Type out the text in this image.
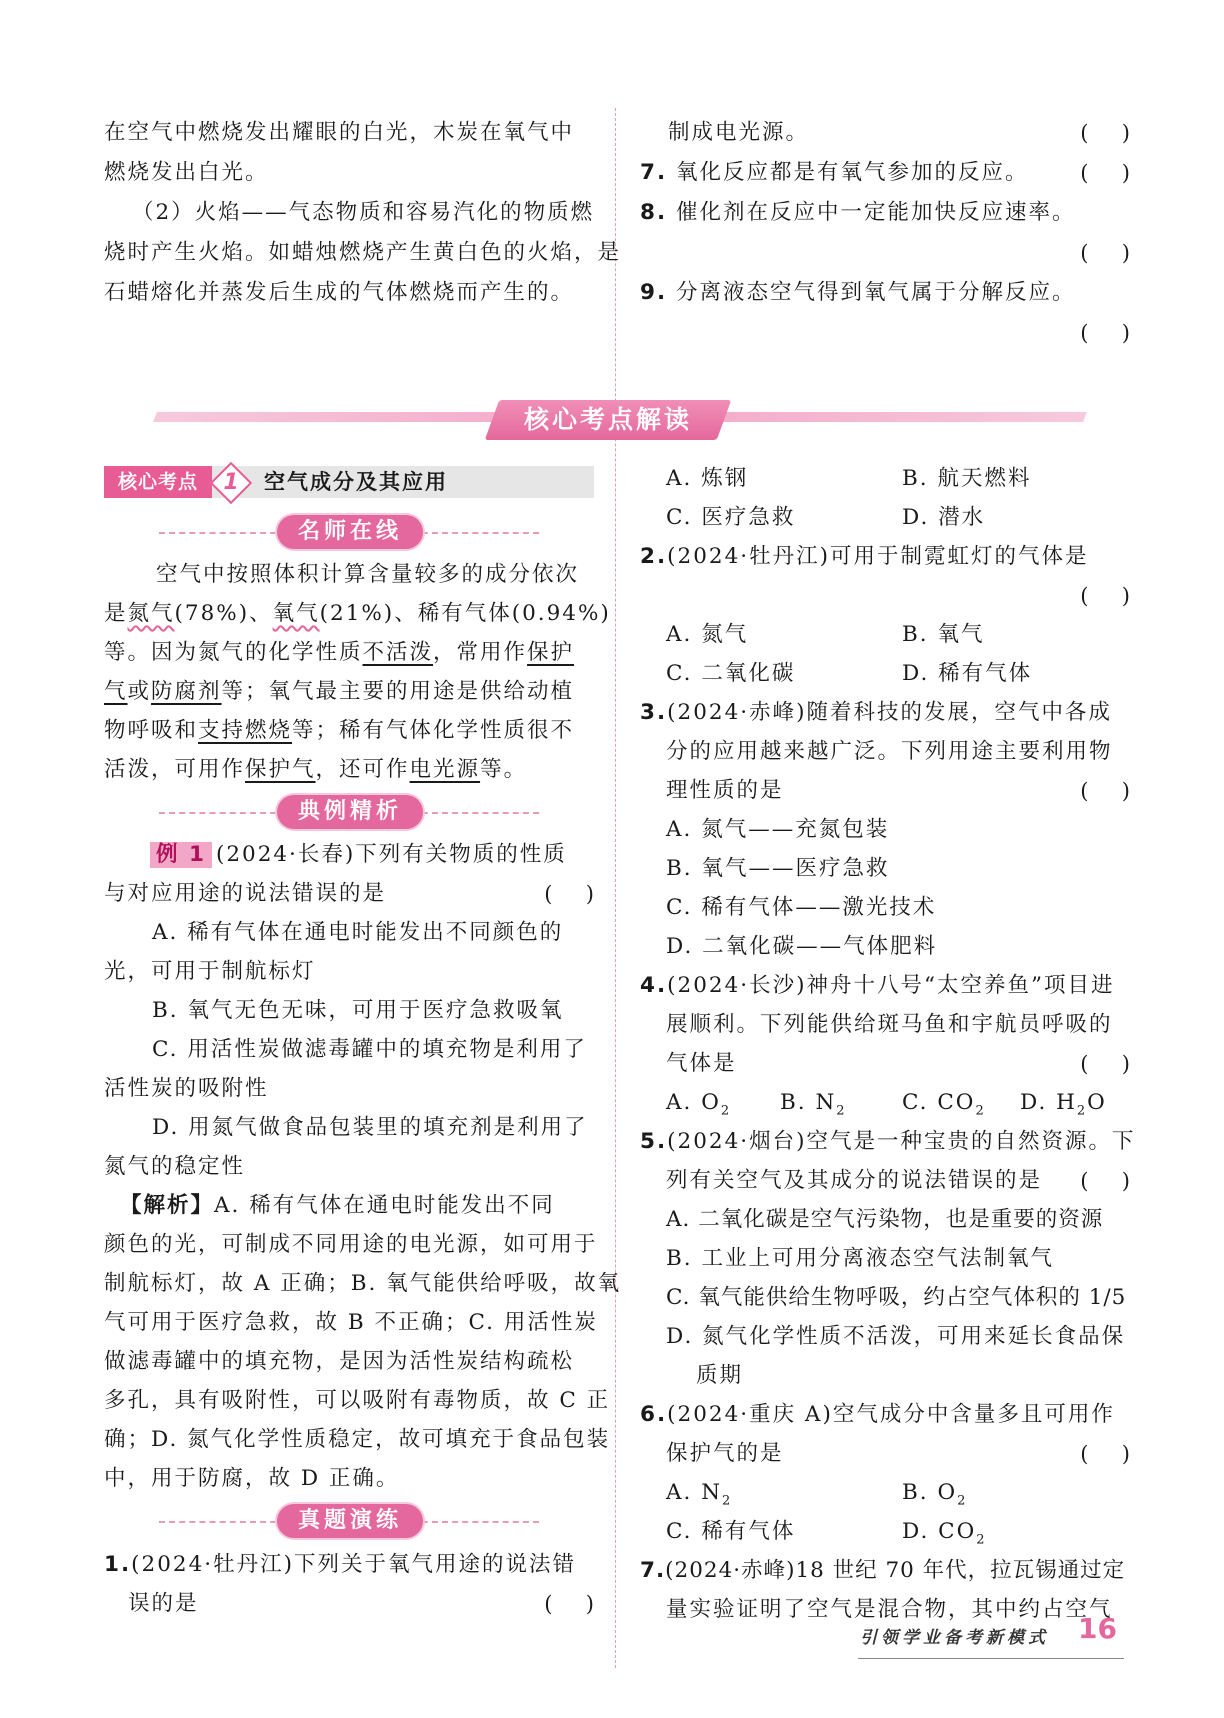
在空气中燃烧发出耀眼的白光，木炭在氧气中
燃烧发出白光。
（2）火焰——气态物质和容易汽化的物质燃
烧时产生火焰。如蜡烛燃烧产生黄白色的火焰，是
石蜡熔化并蒸发后生成的气体燃烧而产生的。
核心考点	1	空气成分及其应用
名师在线
空气中按照体积计算含量较多的成分依次
是氮气(78%)、氧气(21%)、稀有气体(0.94%)
等。因为氮气的化学性质不活泼，常用作保护
气或防腐剂等；氧气最主要的用途是供给动植
物呼吸和支持燃烧等；稀有气体化学性质很不
活泼，可用作保护气，还可作电光源等。
典例精析
例 1 (2024·长春)下列有关物质的性质
与对应用途的说法错误的是	(     )
A. 稀有气体在通电时能发出不同颜色的
光，可用于制航标灯
B. 氧气无色无味，可用于医疗急救吸氧
C. 用活性炭做滤毒罐中的填充物是利用了
活性炭的吸附性
D. 用氮气做食品包装里的填充剂是利用了
氮气的稳定性
【解析】A. 稀有气体在通电时能发出不同
颜色的光，可制成不同用途的电光源，如可用于
制航标灯，故 A 正确；B. 氧气能供给呼吸，故氧
气可用于医疗急救，故 B 不正确；C. 用活性炭
做滤毒罐中的填充物，是因为活性炭结构疏松
多孔，具有吸附性，可以吸附有毒物质，故 C 正
确；D. 氮气化学性质稳定，故可填充于食品包装
中，用于防腐，故 D 正确。
真题演练
1.(2024·牡丹江)下列关于氧气用途的说法错
误的是	(     )
核心考点解读
制成电光源。	(     )
7. 氧化反应都是有氧气参加的反应。 (     )
8. 催化剂在反应中一定能加快反应速率。
(     )
9. 分离液态空气得到氧气属于分解反应。
(     )
A. 炼钢	B. 航天燃料
C. 医疗急救	D. 潜水
2.(2024·牡丹江)可用于制霓虹灯的气体是
(     )
A. 氮气	B. 氧气
C. 二氧化碳	D. 稀有气体
3.(2024·赤峰)随着科技的发展，空气中各成
分的应用越来越广泛。下列用途主要利用物
理性质的是	(     )
A. 氮气——充氮包装
B. 氧气——医疗急救
C. 稀有气体——激光技术
D. 二氧化碳——气体肥料
4.(2024·长沙)神舟十八号“太空养鱼”项目进
展顺利。下列能供给斑马鱼和宇航员呼吸的
气体是	(     )
A. $O_2$ B. $N_2$	C. $CO_2$ D. $H_2O$
5.(2024·烟台)空气是一种宝贵的自然资源。下
列有关空气及其成分的说法错误的是 (     )
A. 二氧化碳是空气污染物，也是重要的资源
B. 工业上可用分离液态空气法制氧气
C. 氧气能供给生物呼吸，约占空气体积的 1/5
D. 氮气化学性质不活泼，可用来延长食品保
质期
6.(2024·重庆 A)空气成分中含量多且可用作
保护气的是	(     )
A. $N_2$	B. $O_2$
C. 稀有气体	D. $CO_2$
7.(2024·赤峰)18 世纪 70 年代，拉瓦锡通过定
量实验证明了空气是混合物，其中约占空气
引领学业备考新模式 16
